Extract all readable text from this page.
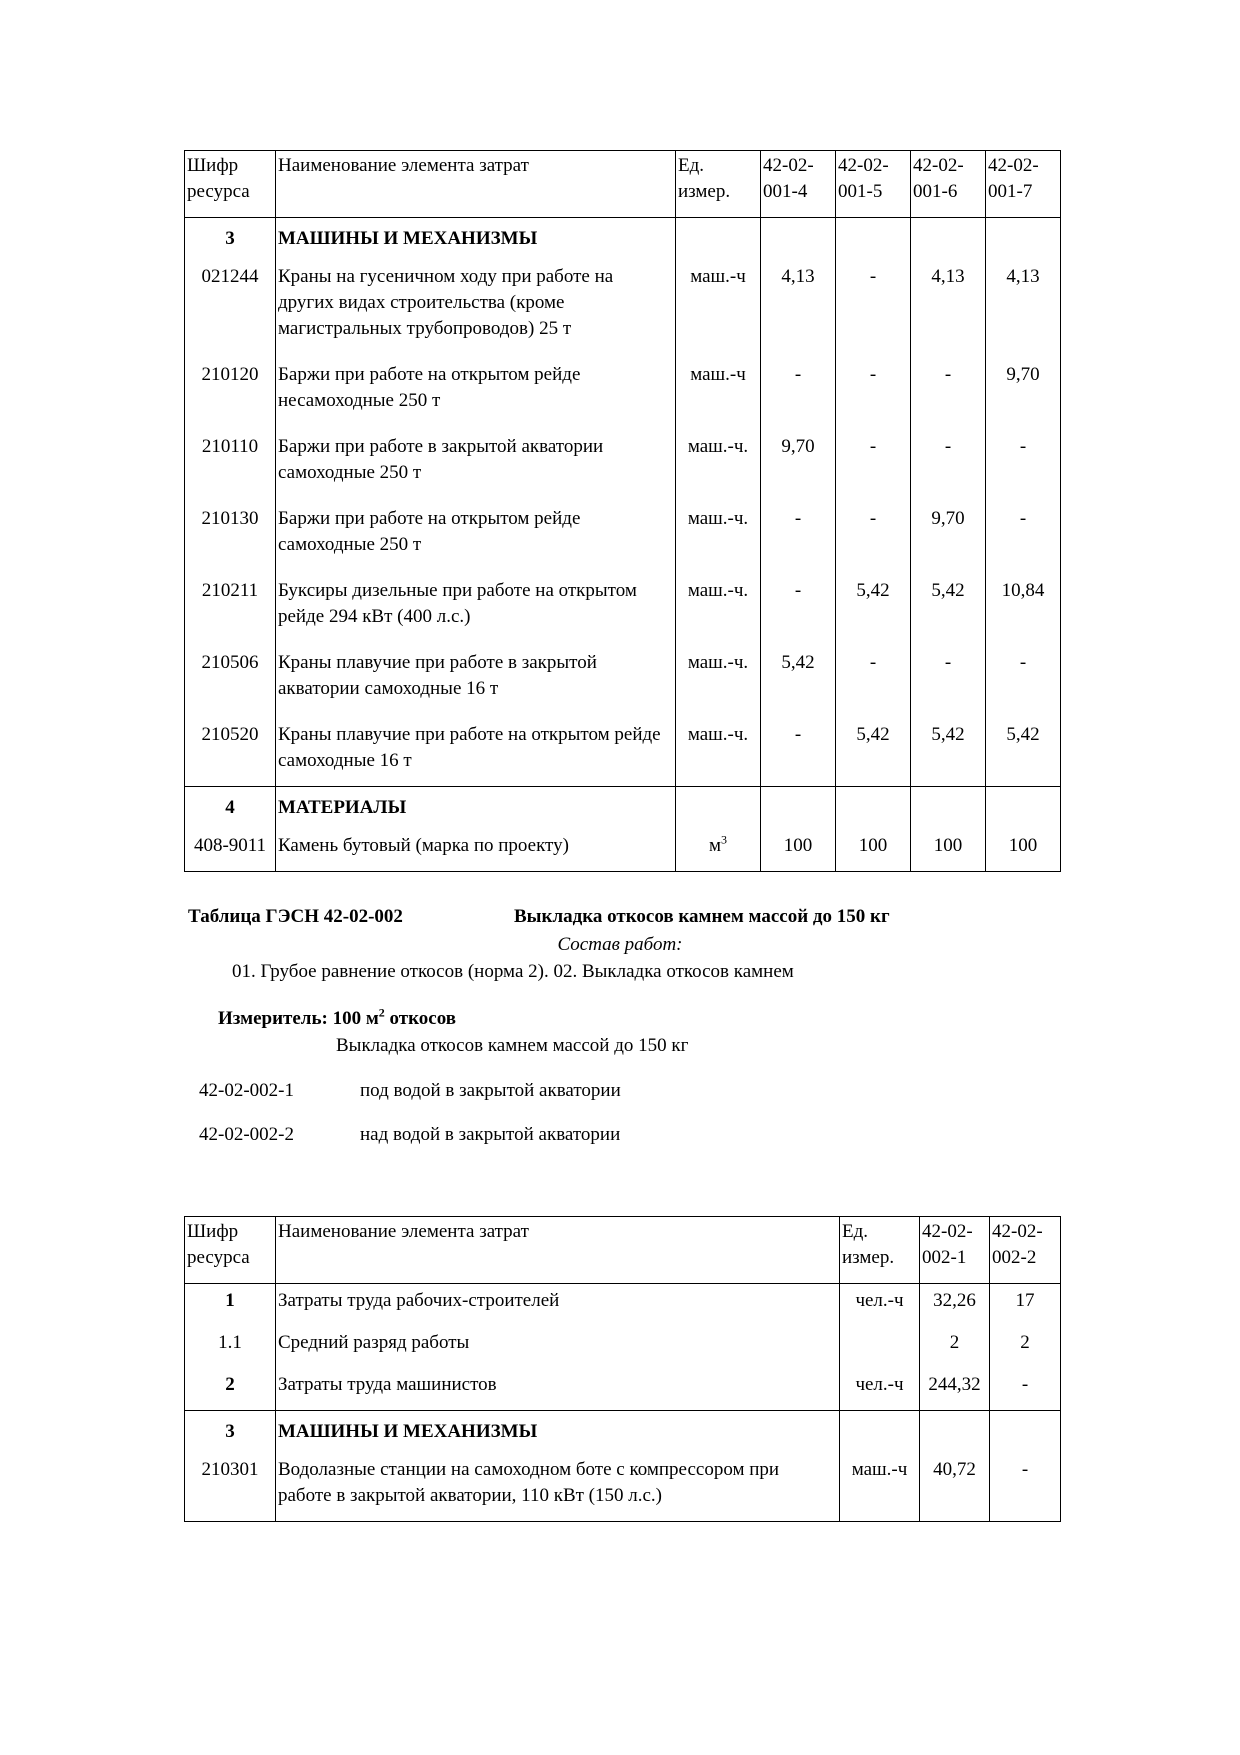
Шифр ресурса	Наименование элемента затрат	Ед. измер.	42-02-001-4	42-02-001-5	42-02-001-6	42-02-001-7
3	МАШИНЫ И МЕХАНИЗМЫ					
021244	Краны на гусеничном ходу при работе на других видах строительства (кроме магистральных трубопроводов) 25 т	маш.-ч	4,13	-	4,13	4,13
210120	Баржи при работе на открытом рейде несамоходные 250 т	маш.-ч	-	-	-	9,70
210110	Баржи при работе в закрытой акватории самоходные 250 т	маш.-ч.	9,70	-	-	-
210130	Баржи при работе на открытом рейде самоходные 250 т	маш.-ч.	-	-	9,70	-
210211	Буксиры дизельные при работе на открытом рейде 294 кВт (400 л.с.)	маш.-ч.	-	5,42	5,42	10,84
210506	Краны плавучие при работе в закрытой акватории самоходные 16 т	маш.-ч.	5,42	-	-	-
210520	Краны плавучие при работе на открытом рейде самоходные 16 т	маш.-ч.	-	5,42	5,42	5,42
4	МАТЕРИАЛЫ					
408-9011	Камень бутовый (марка по проекту)	$м^3$	100	100	100	100
Таблица ГЭСН 42-02-002	Выкладка откосов камнем массой до 150 кг
Состав работ:
01. Грубое равнение откосов (норма 2). 02. Выкладка откосов камнем
Измеритель: 100 $м^2$ откосов
Выкладка откосов камнем массой до 150 кг
42-02-002-1	под водой в закрытой акватории
42-02-002-2	над водой в закрытой акватории
Шифр ресурса	Наименование элемента затрат	Ед. измер.	42-02-002-1	42-02-002-2
1	Затраты труда рабочих-строителей	чел.-ч	32,26	17
1.1	Средний разряд работы		2	2
2	Затраты труда машинистов	чел.-ч	244,32	-
3	МАШИНЫ И МЕХАНИЗМЫ			
210301	Водолазные станции на самоходном боте с компрессором при работе в закрытой акватории, 110 кВт (150 л.с.)	маш.-ч	40,72	-
